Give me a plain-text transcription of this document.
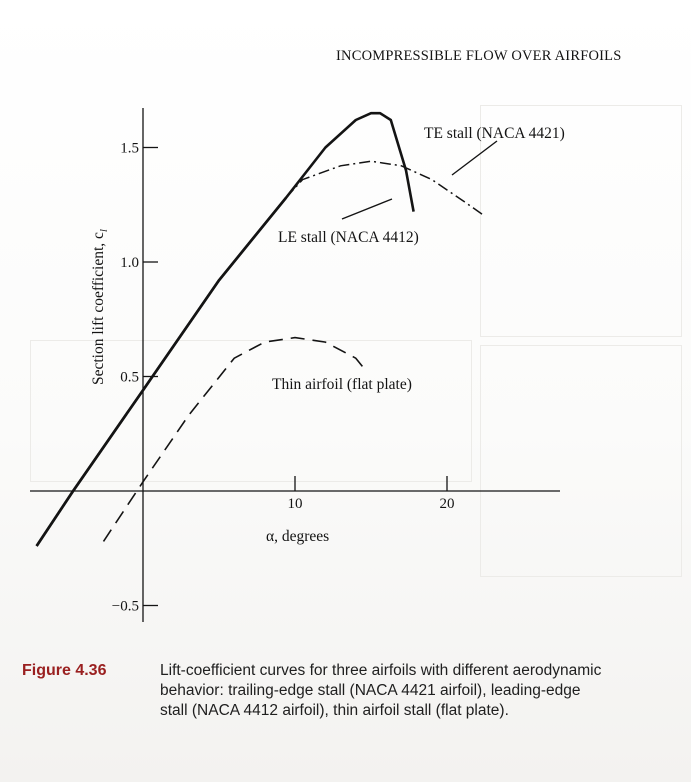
INCOMPRESSIBLE FLOW OVER AIRFOILS
−0.5
0.5
1.0
1.5
10	20
α, degrees
Section lift coefficient, $c_l$
TE stall (NACA 4421)
LE stall (NACA 4412)
Thin airfoil (flat plate)
Figure 4.36	Lift-coefficient curves for three airfoils with different aerodynamic behavior: trailing-edge stall (NACA 4421 airfoil), leading-edge stall (NACA 4412 airfoil), thin airfoil stall (flat plate).
